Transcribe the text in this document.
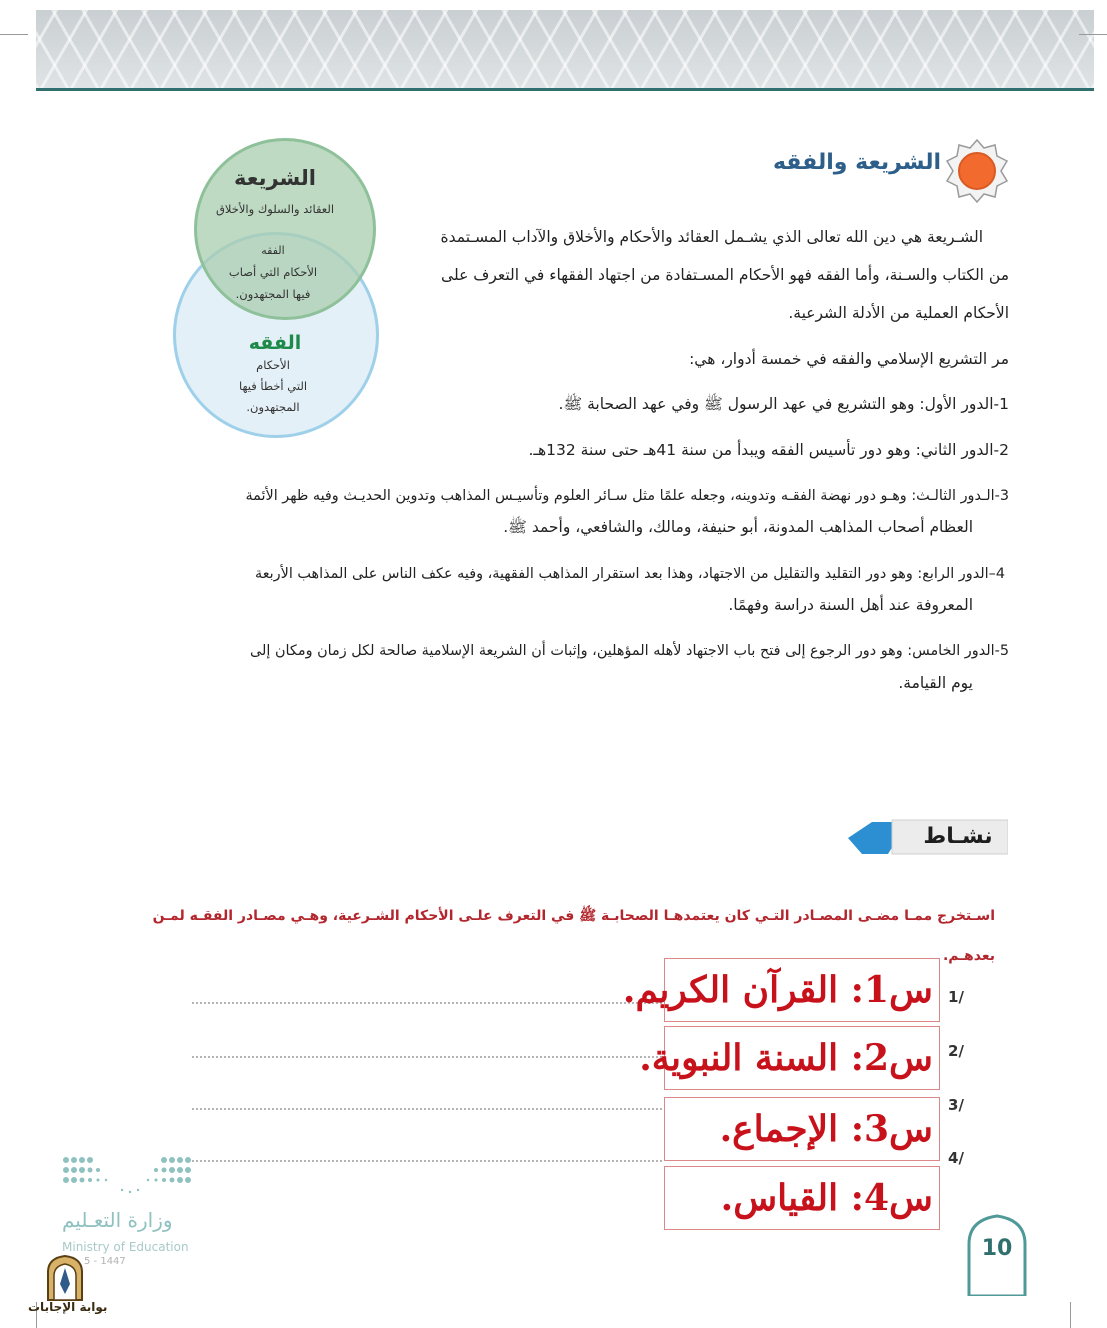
الشريعة والفقه
الشريعة
العقائد والسلوك والأخلاق
الفقه
الأحكام التي أصاب
فيها المجتهدون.
الفقه
الأحكام
التي أخطأ فيها
المجتهدون.
الشـريعة هي دين الله تعالى الذي يشـمل العقائد والأحكام والأخلاق والآداب المسـتمدة
من الكتاب والسـنة، وأما الفقه فهو الأحكام المسـتفادة من اجتهاد الفقهاء في التعرف على
الأحكام العملية من الأدلة الشرعية.
مر التشريع الإسلامي والفقه في خمسة أدوار، هي:
1-الدور الأول: وهو التشريع في عهد الرسول ﷺ وفي عهد الصحابة ﷺ.
2-الدور الثاني: وهو دور تأسيس الفقه ويبدأ من سنة 41هـ حتى سنة 132هـ.
3-الـدور الثالـث: وهـو دور نهضة الفقـه وتدوينه، وجعله علمًا مثل سـائر العلوم وتأسيـس المذاهب وتدوين الحديـث وفيه ظهر الأئمة
العظام أصحاب المذاهب المدونة، أبو حنيفة، ومالك، والشافعي، وأحمد ﷺ.
4–الدور الرابع: وهو دور التقليد والتقليل من الاجتهاد، وهذا بعد استقرار المذاهب الفقهية، وفيه عكف الناس على المذاهب الأربعة
المعروفة عند أهل السنة دراسة وفهمًا.
5-الدور الخامس: وهو دور الرجوع إلى فتح باب الاجتهاد لأهله المؤهلين، وإثبات أن الشريعة الإسلامية صالحة لكل زمان ومكان إلى
يوم القيامة.
نشـاط
اسـتخرج ممـا مضـى المصـادر التـي كان يعتمدهـا الصحابـة ﷺ في التعرف علـى الأحكام الشـرعية، وهـي مصـادر الفقـه لمـن بعدهـم.
/1
/2
/3
/4
س1: القرآن الكريم.
س2: السنة النبوية.
س3: الإجماع.
س4: القياس.
وزارة التعـليم
Ministry of Education
5 - 1447
10
بوابة الإجابات
